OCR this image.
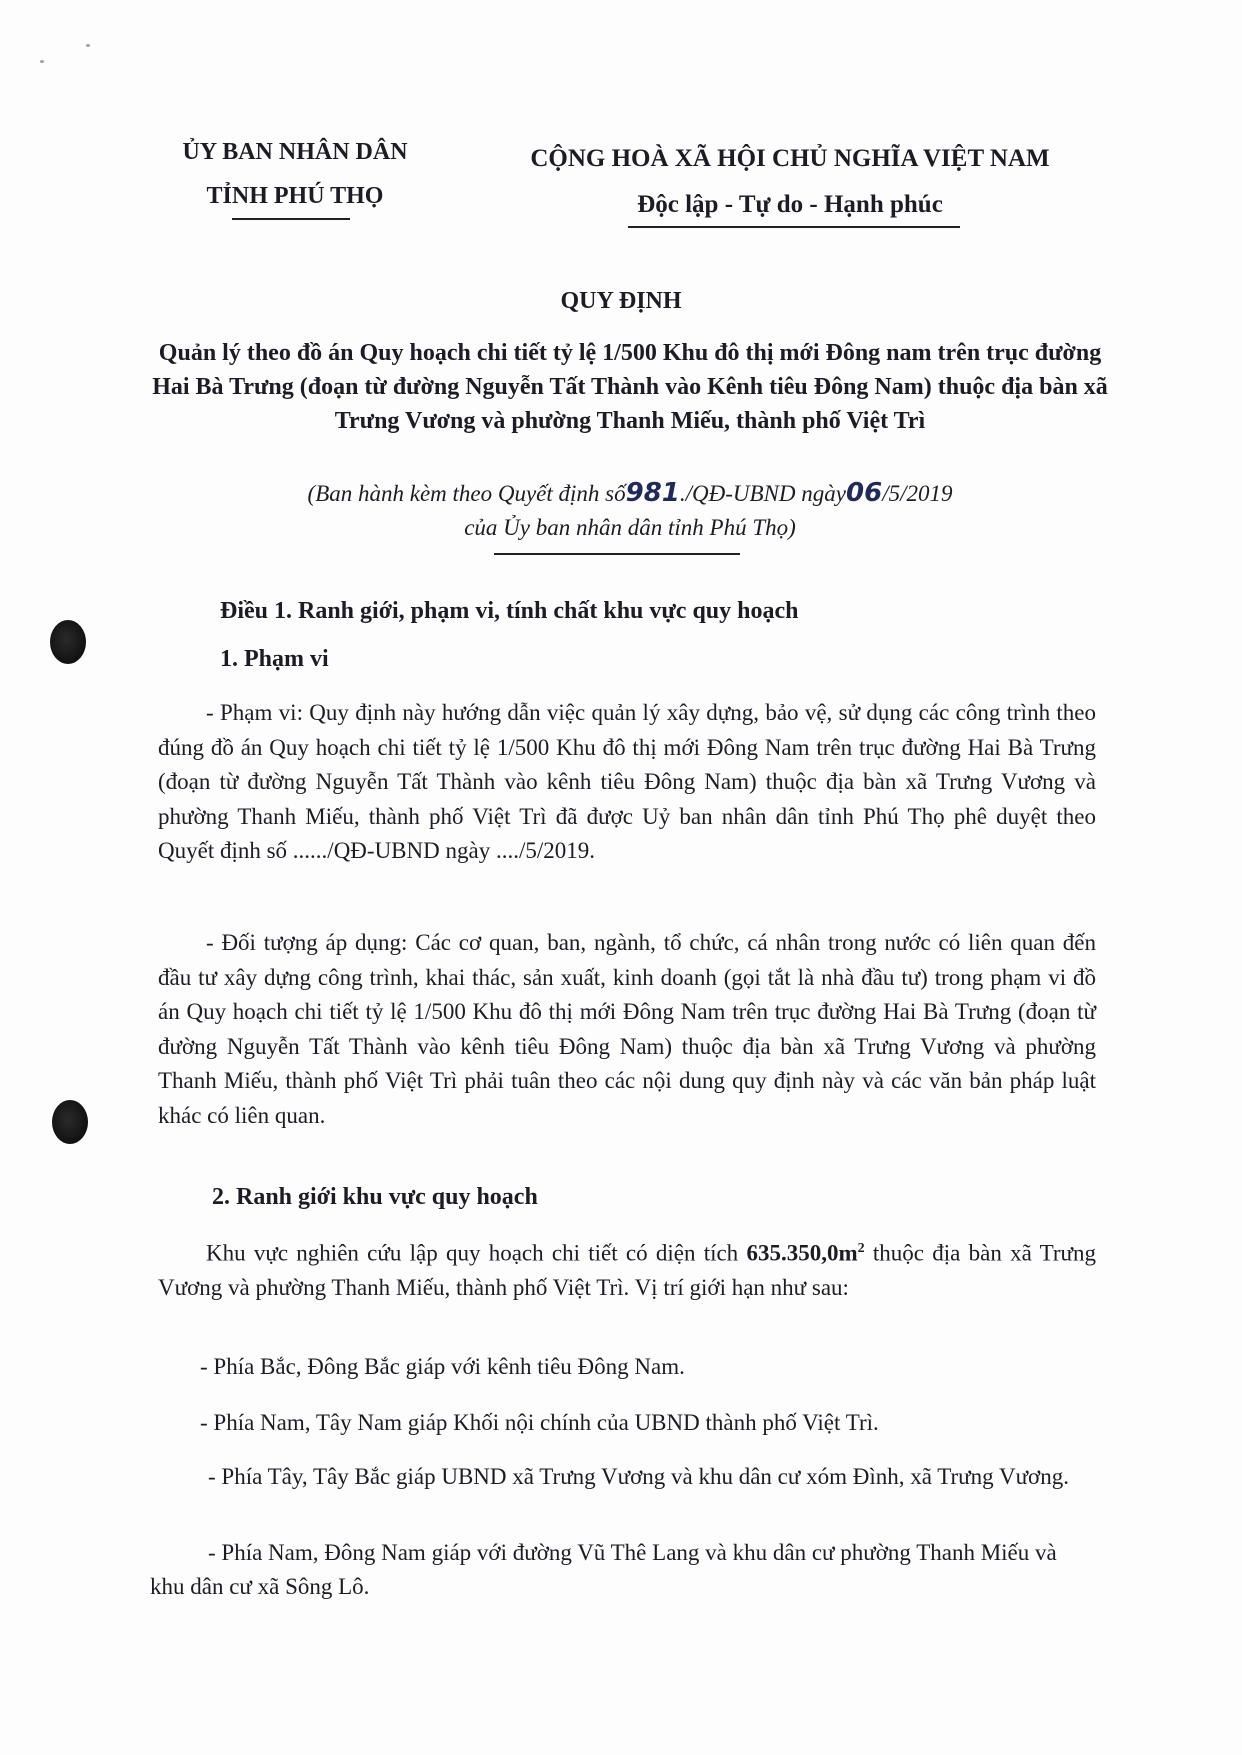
ỦY BAN NHÂN DÂN
TỈNH PHÚ THỌ
CỘNG HOÀ XÃ HỘI CHỦ NGHĨA VIỆT NAM
Độc lập - Tự do - Hạnh phúc
QUY ĐỊNH
Quản lý theo đồ án Quy hoạch chi tiết tỷ lệ 1/500 Khu đô thị mới Đông nam trên trục đường Hai Bà Trưng (đoạn từ đường Nguyễn Tất Thành vào Kênh tiêu Đông Nam) thuộc địa bàn xã Trưng Vương và phường Thanh Miếu, thành phố Việt Trì
(Ban hành kèm theo Quyết định số981./QĐ-UBND ngày06/5/2019
của Ủy ban nhân dân tỉnh Phú Thọ)
Điều 1. Ranh giới, phạm vi, tính chất khu vực quy hoạch
1. Phạm vi
- Phạm vi: Quy định này hướng dẫn việc quản lý xây dựng, bảo vệ, sử dụng các công trình theo đúng đồ án Quy hoạch chi tiết tỷ lệ 1/500 Khu đô thị mới Đông Nam trên trục đường Hai Bà Trưng (đoạn từ đường Nguyễn Tất Thành vào kênh tiêu Đông Nam) thuộc địa bàn xã Trưng Vương và phường Thanh Miếu, thành phố Việt Trì đã được Uỷ ban nhân dân tỉnh Phú Thọ phê duyệt theo Quyết định số ....../QĐ-UBND ngày ..../5/2019.
- Đối tượng áp dụng: Các cơ quan, ban, ngành, tổ chức, cá nhân trong nước có liên quan đến đầu tư xây dựng công trình, khai thác, sản xuất, kinh doanh (gọi tắt là nhà đầu tư) trong phạm vi đồ án Quy hoạch chi tiết tỷ lệ 1/500 Khu đô thị mới Đông Nam trên trục đường Hai Bà Trưng (đoạn từ đường Nguyễn Tất Thành vào kênh tiêu Đông Nam) thuộc địa bàn xã Trưng Vương và phường Thanh Miếu, thành phố Việt Trì phải tuân theo các nội dung quy định này và các văn bản pháp luật khác có liên quan.
2. Ranh giới khu vực quy hoạch
Khu vực nghiên cứu lập quy hoạch chi tiết có diện tích $635.350,0m^2$ thuộc địa bàn xã Trưng Vương và phường Thanh Miếu, thành phố Việt Trì. Vị trí giới hạn như sau:
- Phía Bắc, Đông Bắc giáp với kênh tiêu Đông Nam.
- Phía Nam, Tây Nam giáp Khối nội chính của UBND thành phố Việt Trì.
- Phía Tây, Tây Bắc giáp UBND xã Trưng Vương và khu dân cư xóm Đình, xã Trưng Vương.
- Phía Nam, Đông Nam giáp với đường Vũ Thê Lang và khu dân cư phường Thanh Miếu và khu dân cư xã Sông Lô.
